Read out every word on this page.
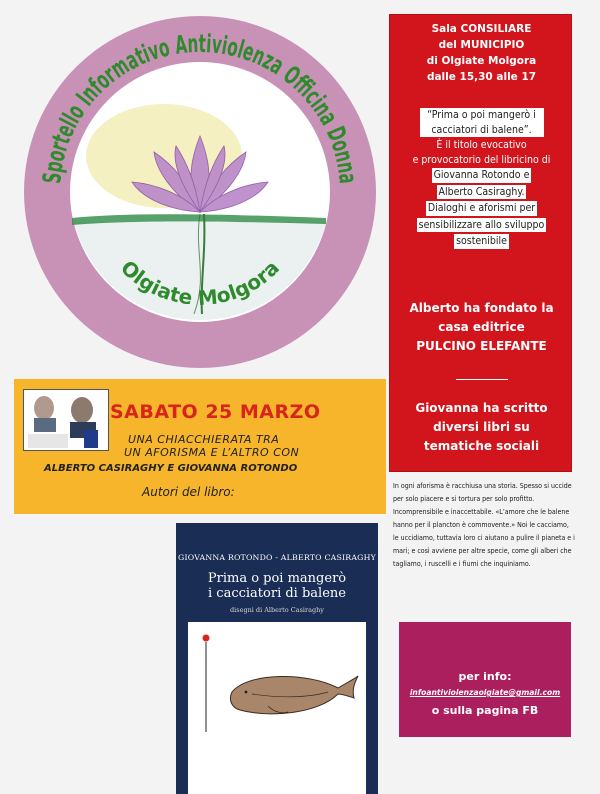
Sportello Informativo Antiviolenza Officina Donna
Olgiate Molgora
Sala CONSILIARE
del MUNICIPIO
di Olgiate Molgora
dalle 15,30 alle 17
“Prima o poi mangerò i cacciatori di balene”.
È il titolo evocativo
e provocatorio del libricino di
Giovanna Rotondo e
Alberto Casiraghy.
Dialoghi e aforismi per
sensibilizzare allo sviluppo
sostenibile
Alberto ha fondato la
casa editrice
PULCINO ELEFANTE
Giovanna ha scritto
diversi libri su
tematiche sociali
SABATO 25 MARZO
UNA CHIACCHIERATA TRA
UN AFORISMA E L’ALTRO CON
ALBERTO CASIRAGHY E GIOVANNA ROTONDO
Autori del libro:	In ogni aforisma è racchiusa una storia. Spesso si uccide per solo piacere e si tortura per solo profitto. Incomprensibile e inaccettabile. «L’amore che le balene hanno per il plancton è commovente.» Noi le cacciamo, le uccidiamo, tuttavia loro ci aiutano a pulire il pianeta e i mari; e così avviene per altre specie, come gli alberi che tagliamo, i ruscelli e i fiumi che inquiniamo.
GIOVANNA ROTONDO - ALBERTO CASIRAGHY
Prima o poi mangerò
i cacciatori di balene
disegni di Alberto Casiraghy
per info:
infoantiviolenzaolgiate@gmail.com
o sulla pagina FB
